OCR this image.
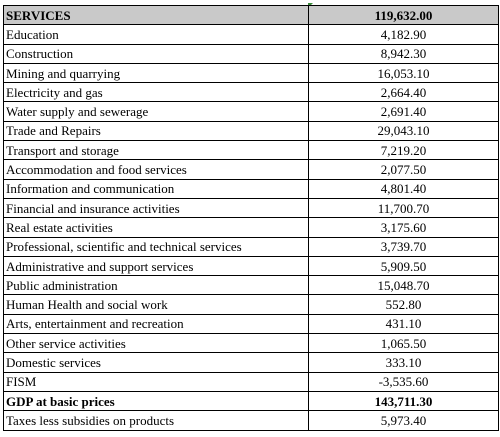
SERVICES	119,632.00
Education	4,182.90
Construction	8,942.30
Mining and quarrying	16,053.10
Electricity and gas	2,664.40
Water supply and sewerage	2,691.40
Trade and Repairs	29,043.10
Transport and storage	7,219.20
Accommodation and food services	2,077.50
Information and communication	4,801.40
Financial and insurance activities	11,700.70
Real estate activities	3,175.60
Professional, scientific and technical services	3,739.70
Administrative and support services	5,909.50
Public administration	15,048.70
Human Health and social work	552.80
Arts, entertainment and recreation	431.10
Other service activities	1,065.50
Domestic services	333.10
FISM	-3,535.60
GDP at basic prices	143,711.30
Taxes less subsidies on products	5,973.40
